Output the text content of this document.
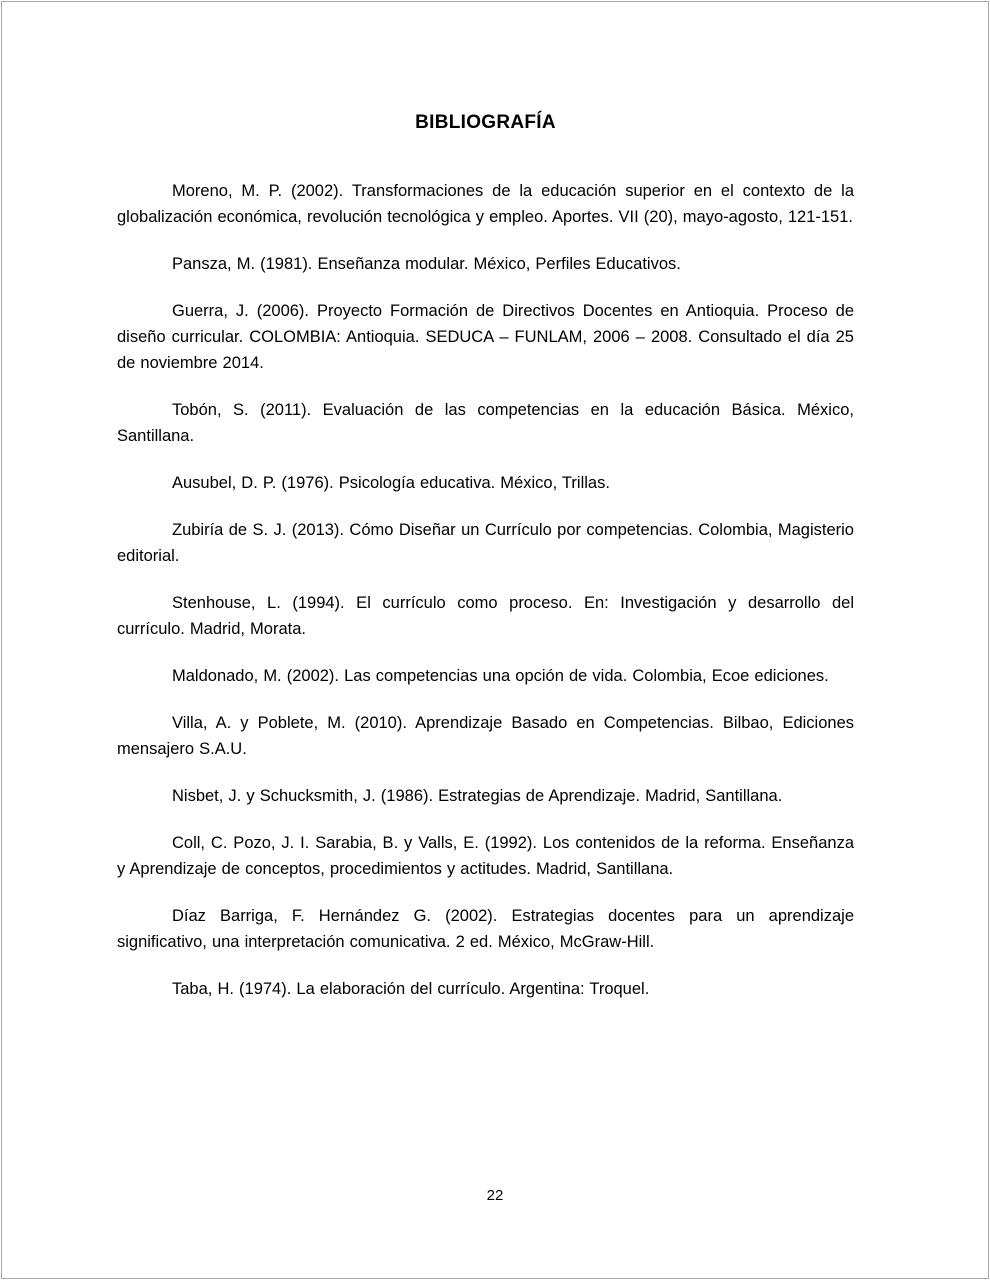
BIBLIOGRAFÍA

Moreno, M. P. (2002). Transformaciones de la educación superior en el contexto de la globalización económica, revolución tecnológica y empleo. Aportes. VII (20), mayo-agosto, 121-151.

Pansza, M. (1981). Enseñanza modular. México, Perfiles Educativos.

Guerra, J. (2006). Proyecto Formación de Directivos Docentes en Antioquia. Proceso de diseño curricular. COLOMBIA: Antioquia. SEDUCA – FUNLAM, 2006 – 2008. Consultado el día 25 de noviembre 2014.

Tobón, S. (2011). Evaluación de las competencias en la educación Básica. México, Santillana.

Ausubel, D. P. (1976). Psicología educativa. México, Trillas.

Zubiría de S. J. (2013). Cómo Diseñar un Currículo por competencias. Colombia, Magisterio editorial.

Stenhouse, L. (1994). El currículo como proceso. En: Investigación y desarrollo del currículo. Madrid, Morata.

Maldonado, M. (2002). Las competencias una opción de vida. Colombia, Ecoe ediciones.

Villa, A. y Poblete, M. (2010). Aprendizaje Basado en Competencias. Bilbao, Ediciones mensajero S.A.U.

Nisbet, J. y Schucksmith, J. (1986). Estrategias de Aprendizaje. Madrid, Santillana.

Coll, C. Pozo, J. I. Sarabia, B. y Valls, E. (1992). Los contenidos de la reforma. Enseñanza y Aprendizaje de conceptos, procedimientos y actitudes. Madrid, Santillana.

Díaz Barriga, F. Hernández G. (2002). Estrategias docentes para un aprendizaje significativo, una interpretación comunicativa. 2 ed. México, McGraw-Hill.

Taba, H. (1974). La elaboración del currículo. Argentina: Troquel.

22
